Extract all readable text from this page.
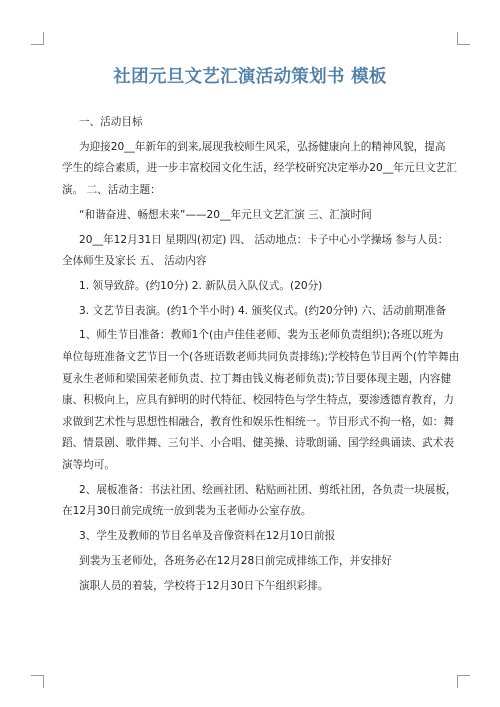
社团元旦文艺汇演活动策划书 模板
一、活动目标
为迎接20__年新年的到来,展现我校师生风采，弘扬健康向上的精神风貌，提高
学生的综合素质，进一步丰富校园文化生活，经学校研究决定举办20__年元旦文艺汇
演。 二、活动主题：
“和谐奋进、畅想未来”——20__年元旦文艺汇演 三、汇演时间
20__年12月31日 星期四(初定) 四、 活动地点：卡子中心小学操场 参与人员：
全体师生及家长 五、 活动内容
1. 领导致辞。(约10分) 2. 新队员入队仪式。(20分)
3. 文艺节目表演。(约1个半小时) 4. 颁奖仪式。(约20分钟) 六、活动前期准备
1、师生节目准备：教师1个(由卢佳佳老师、裴为玉老师负责组织);各班以班为
单位每班准备文艺节目一个(各班语数老师共同负责排练);学校特色节目两个(竹竿舞由
夏永生老师和梁国荣老师负责、拉丁舞由钱义梅老师负责);节目要体现主题，内容健
康、积极向上，应具有鲜明的时代特征、校园特色与学生特点，要渗透德育教育，力
求做到艺术性与思想性相融合，教育性和娱乐性相统一。节目形式不拘一格，如：舞
蹈、情景剧、歌伴舞、三句半、小合唱、健美操、诗歌朗诵、国学经典诵读、武术表
演等均可。
2、展板准备：书法社团、绘画社团、粘贴画社团、剪纸社团，各负责一块展板，
在12月30日前完成统一放到裴为玉老师办公室存放。
3、学生及教师的节目名单及音像资料在12月10日前报
到裴为玉老师处，各班务必在12月28日前完成排练工作，并安排好
演职人员的着装，学校将于12月30日下午组织彩排。
